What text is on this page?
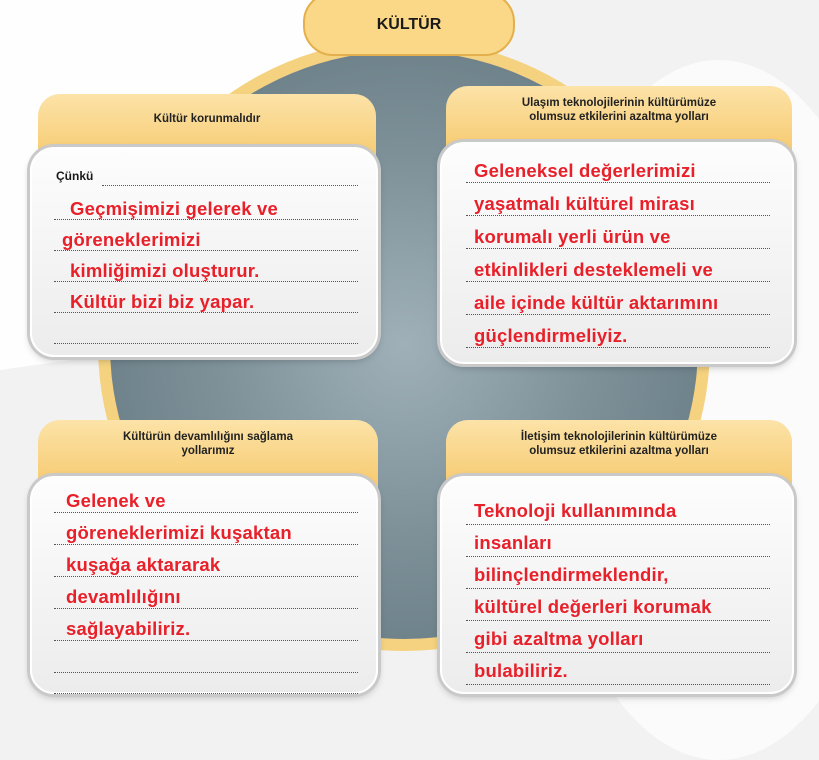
KÜLTÜR
Kültür korunmalıdır
Çünkü
Geçmişimizi gelerek ve
göreneklerimizi
kimliğimizi oluşturur.
Kültür bizi biz yapar.
Ulaşım teknolojilerinin kültürümüze
olumsuz etkilerini azaltma yolları
Geleneksel değerlerimizi
yaşatmalı kültürel mirası
korumalı yerli ürün ve
etkinlikleri desteklemeli ve
aile içinde kültür aktarımını
güçlendirmeliyiz.
Kültürün devamlılığını sağlama
yollarımız
Gelenek ve
göreneklerimizi kuşaktan
kuşağa aktararak
devamlılığını
sağlayabiliriz.
İletişim teknolojilerinin kültürümüze
olumsuz etkilerini azaltma yolları
Teknoloji kullanımında
insanları
bilinçlendirmeklendir,
kültürel değerleri korumak
gibi azaltma yolları
bulabiliriz.
